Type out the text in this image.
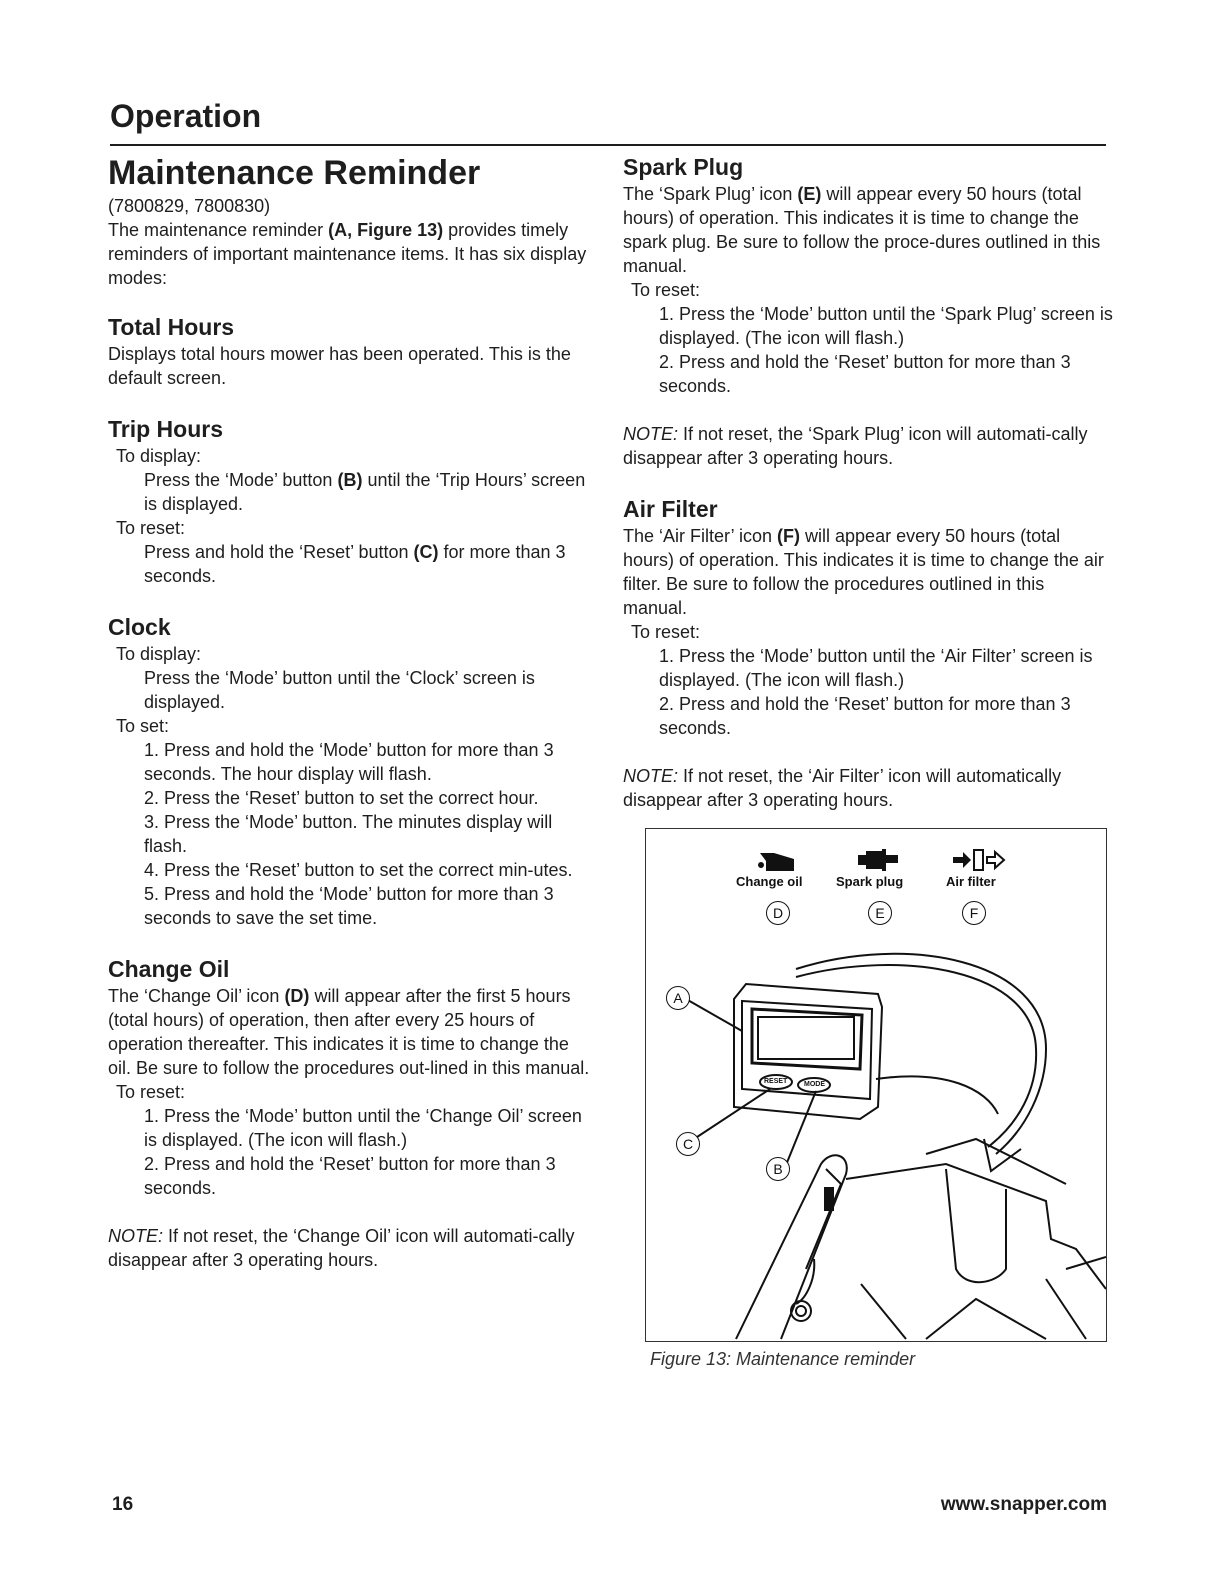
Operation
Maintenance Reminder

(7800829, 7800830)

The maintenance reminder (A, Figure 13) provides timely reminders of important maintenance items. It has six display modes:

Total Hours

Displays total hours mower has been operated. This is the default screen.

Trip Hours

To display:

Press the ‘Mode’ button (B) until the ‘Trip Hours’ screen is displayed.

To reset:

Press and hold the ‘Reset’ button (C) for more than 3 seconds.

Clock

To display:

Press the ‘Mode’ button until the ‘Clock’ screen is displayed.

To set:

1. Press and hold the ‘Mode’ button for more than 3 seconds. The hour display will flash.

2. Press the ‘Reset’ button to set the correct hour.

3. Press the ‘Mode’ button. The minutes display will flash.

4. Press the ‘Reset’ button to set the correct min-utes.

5. Press and hold the ‘Mode’ button for more than 3 seconds to save the set time.

Change Oil

The ‘Change Oil’ icon (D) will appear after the first 5 hours (total hours) of operation, then after every 25 hours of operation thereafter. This indicates it is time to change the oil. Be sure to follow the procedures out-lined in this manual.

To reset:

1. Press the ‘Mode’ button until the ‘Change Oil’ screen is displayed. (The icon will flash.)

2. Press and hold the ‘Reset’ button for more than 3 seconds.

NOTE: If not reset, the ‘Change Oil’ icon will automati-cally disappear after 3 operating hours.

Spark Plug

The ‘Spark Plug’ icon (E) will appear every 50 hours (total hours) of operation. This indicates it is time to change the spark plug. Be sure to follow the proce-dures outlined in this manual.

To reset:

1. Press the ‘Mode’ button until the ‘Spark Plug’ screen is displayed. (The icon will flash.)

2. Press and hold the ‘Reset’ button for more than 3 seconds.

NOTE: If not reset, the ‘Spark Plug’ icon will automati-cally disappear after 3 operating hours.

Air Filter

The ‘Air Filter’ icon (F) will appear every 50 hours (total hours) of operation. This indicates it is time to change the air filter. Be sure to follow the procedures outlined in this manual.

To reset:

1. Press the ‘Mode’ button until the ‘Air Filter’ screen is displayed. (The icon will flash.)

2. Press and hold the ‘Reset’ button for more than 3 seconds.

NOTE: If not reset, the ‘Air Filter’ icon will automatically disappear after 3 operating hours.

Change oil	Spark plug	Air filter
D	E	F
A
C
B
RESET MODE
Figure 13: Maintenance reminder
16	www.snapper.com
